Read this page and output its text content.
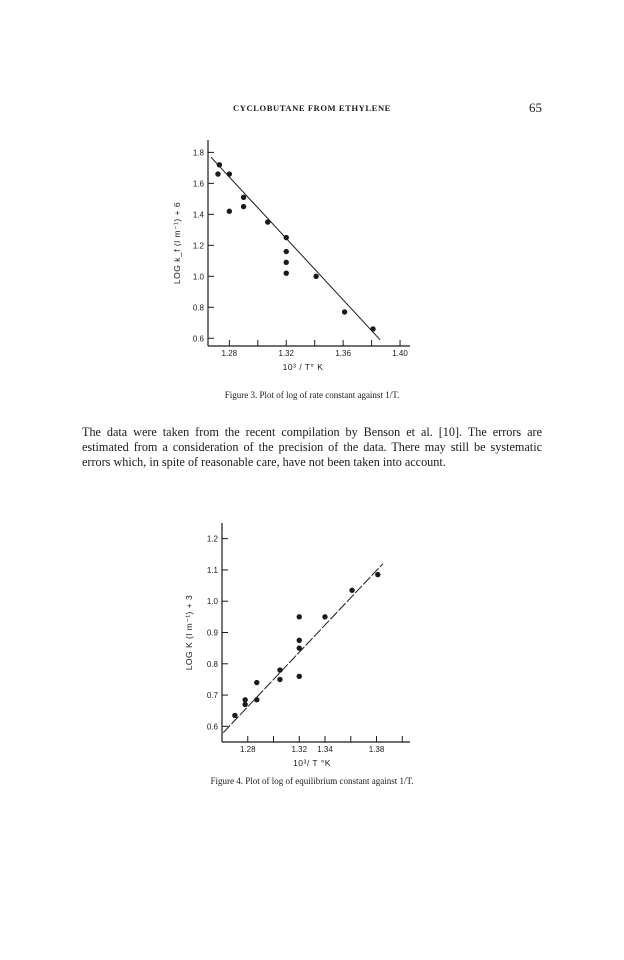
CYCLOBUTANE FROM ETHYLENE	65
0.6
0.8
1.0
1.2
1.4
1.6
1.8
1.28	1.32	1.36	1.40
10³ / T° K
LOG k_f (l m⁻¹) + 6
Figure 3. Plot of log of rate constant against 1/T.

The data were taken from the recent compilation by Benson et al. [10]. The errors are estimated from a consideration of the precision of the data. There may still be systematic errors which, in spite of reasonable care, have not been taken into account.

0.6
0.7
0.8
0.9
1.0
1.1
1.2
1.28	1.32 1.34	1.38
10³/ T °K
LOG K (l m⁻¹) + 3
Figure 4. Plot of log of equilibrium constant against 1/T.
